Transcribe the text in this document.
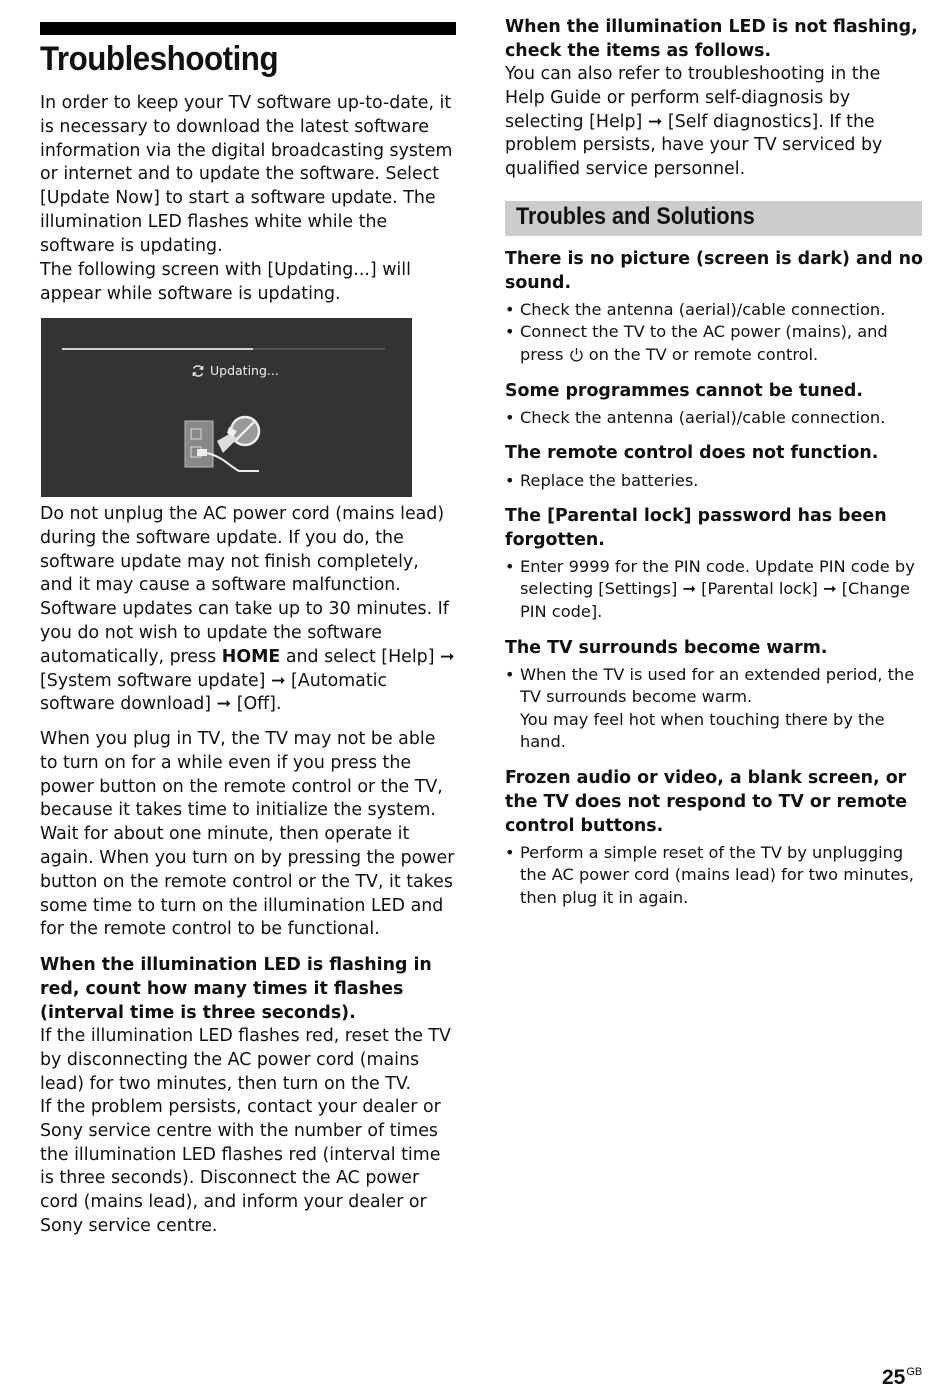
Troubleshooting

In order to keep your TV software up-to-date, it is necessary to download the latest software information via the digital broadcasting system or internet and to update the software. Select [Update Now] to start a software update. The illumination LED flashes white while the software is updating.

The following screen with [Updating...] will appear while software is updating.

Updating...

Do not unplug the AC power cord (mains lead) during the software update. If you do, the software update may not finish completely, and it may cause a software malfunction. Software updates can take up to 30 minutes. If you do not wish to update the software automatically, press HOME and select [Help] ➞ [System software update] ➞ [Automatic software download] ➞ [Off].

When you plug in TV, the TV may not be able to turn on for a while even if you press the power button on the remote control or the TV, because it takes time to initialize the system. Wait for about one minute, then operate it again. When you turn on by pressing the power button on the remote control or the TV, it takes some time to turn on the illumination LED and for the remote control to be functional.

When the illumination LED is flashing in red, count how many times it flashes (interval time is three seconds).

If the illumination LED flashes red, reset the TV by disconnecting the AC power cord (mains lead) for two minutes, then turn on the TV.

If the problem persists, contact your dealer or Sony service centre with the number of times the illumination LED flashes red (interval time is three seconds). Disconnect the AC power cord (mains lead), and inform your dealer or Sony service centre.

When the illumination LED is not flashing, check the items as follows.

You can also refer to troubleshooting in the Help Guide or perform self-diagnosis by selecting [Help] ➞ [Self diagnostics]. If the problem persists, have your TV serviced by qualified service personnel.

Troubles and Solutions

There is no picture (screen is dark) and no sound.

• Check the antenna (aerial)/cable connection.
• Connect the TV to the AC power (mains), and press  on the TV or remote control.

Some programmes cannot be tuned.

• Check the antenna (aerial)/cable connection.

The remote control does not function.

• Replace the batteries.

The [Parental lock] password has been forgotten.

• Enter 9999 for the PIN code. Update PIN code by selecting [Settings] ➞ [Parental lock] ➞ [Change PIN code].

The TV surrounds become warm.

• When the TV is used for an extended period, the TV surrounds become warm.
You may feel hot when touching there by the hand.

Frozen audio or video, a blank screen, or the TV does not respond to TV or remote control buttons.

• Perform a simple reset of the TV by unplugging the AC power cord (mains lead) for two minutes, then plug it in again.
$25^{GB}$
